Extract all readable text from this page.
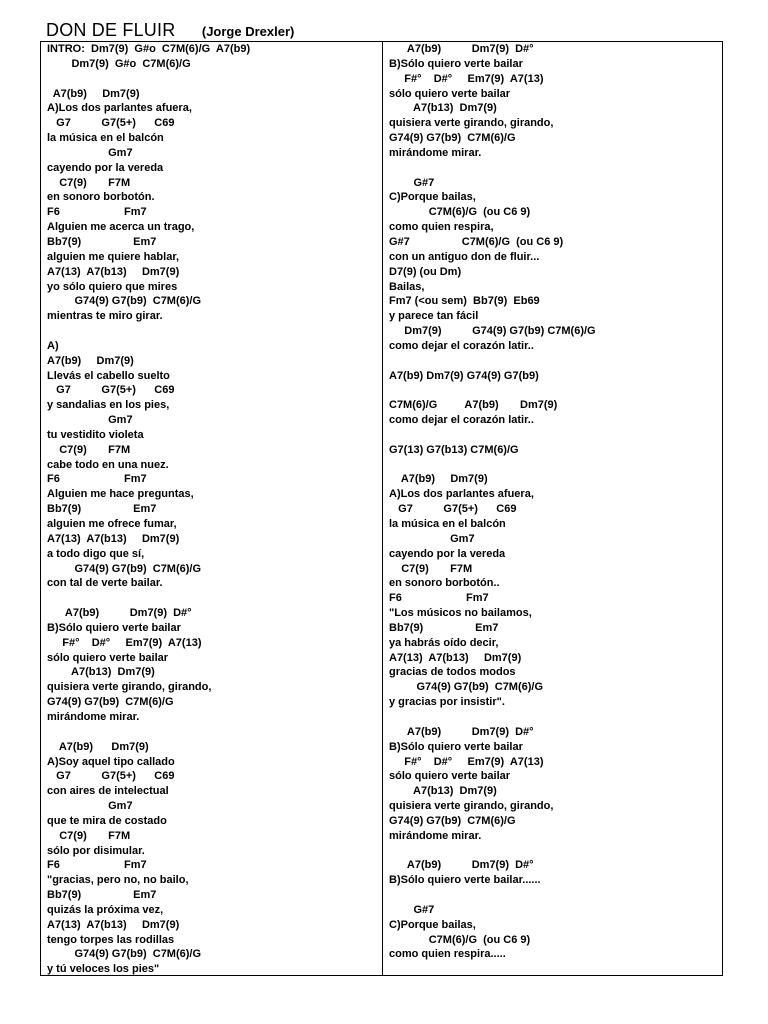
DON DE FLUIR (Jorge Drexler)
INTRO:  Dm7(9)  G#o  C7M(6)/G  A7(b9)
Dm7(9)  G#o  C7M(6)/G
A7(b9)     Dm7(9)
A)Los dos parlantes afuera,
G7          G7(5+)      C69
la música en el balcón
Gm7
cayendo por la vereda
C7(9)       F7M
en sonoro borbotón.
F6                     Fm7
Alguien me acerca un trago,
Bb7(9)                 Em7
alguien me quiere hablar,
A7(13)  A7(b13)     Dm7(9)
yo sólo quiero que mires
G74(9) G7(b9)  C7M(6)/G
mientras te miro girar.
A)
A7(b9)     Dm7(9)
Llevás el cabello suelto
G7          G7(5+)      C69
y sandalias en los pies,
Gm7
tu vestidito violeta
C7(9)       F7M
cabe todo en una nuez.
F6                     Fm7
Alguien me hace preguntas,
Bb7(9)                 Em7
alguien me ofrece fumar,
A7(13)  A7(b13)     Dm7(9)
a todo digo que sí,
G74(9) G7(b9)  C7M(6)/G
con tal de verte bailar.
A7(b9)          Dm7(9)  D#°
B)Sólo quiero verte bailar
F#°    D#°     Em7(9)  A7(13)
sólo quiero verte bailar
A7(b13)  Dm7(9)
quisiera verte girando, girando,
G74(9) G7(b9)  C7M(6)/G
mirándome mirar.
A7(b9)      Dm7(9)
A)Soy aquel tipo callado
G7          G7(5+)      C69
con aires de intelectual
Gm7
que te mira de costado
C7(9)       F7M
sólo por disimular.
F6                     Fm7
"gracias, pero no, no bailo,
Bb7(9)                 Em7
quizás la próxima vez,
A7(13)  A7(b13)     Dm7(9)
tengo torpes las rodillas
G74(9) G7(b9)  C7M(6)/G
y tú veloces los pies"
A7(b9)          Dm7(9)  D#°
B)Sólo quiero verte bailar
F#°    D#°     Em7(9)  A7(13)
sólo quiero verte bailar
A7(b13)  Dm7(9)
quisiera verte girando, girando,
G74(9) G7(b9)  C7M(6)/G
mirándome mirar.
G#7
C)Porque bailas,
C7M(6)/G  (ou C6 9)
como quien respira,
G#7                 C7M(6)/G  (ou C6 9)
con un antiguo don de fluir...
D7(9) (ou Dm)
Bailas,
Fm7 (<ou sem)  Bb7(9)  Eb69
y parece tan fácil
Dm7(9)          G74(9) G7(b9) C7M(6)/G
como dejar el corazón latir..
A7(b9) Dm7(9) G74(9) G7(b9)
C7M(6)/G         A7(b9)       Dm7(9)
como dejar el corazón latir..
G7(13) G7(b13) C7M(6)/G
A7(b9)     Dm7(9)
A)Los dos parlantes afuera,
G7          G7(5+)      C69
la música en el balcón
Gm7
cayendo por la vereda
C7(9)       F7M
en sonoro borbotón..
F6                     Fm7
"Los músicos no bailamos,
Bb7(9)                 Em7
ya habrás oído decir,
A7(13)  A7(b13)     Dm7(9)
gracias de todos modos
G74(9) G7(b9)  C7M(6)/G
y gracias por insistir".
A7(b9)          Dm7(9)  D#°
B)Sólo quiero verte bailar
F#°    D#°     Em7(9)  A7(13)
sólo quiero verte bailar
A7(b13)  Dm7(9)
quisiera verte girando, girando,
G74(9) G7(b9)  C7M(6)/G
mirándome mirar.
A7(b9)          Dm7(9)  D#°
B)Sólo quiero verte bailar......
G#7
C)Porque bailas,
C7M(6)/G  (ou C6 9)
como quien respira.....
